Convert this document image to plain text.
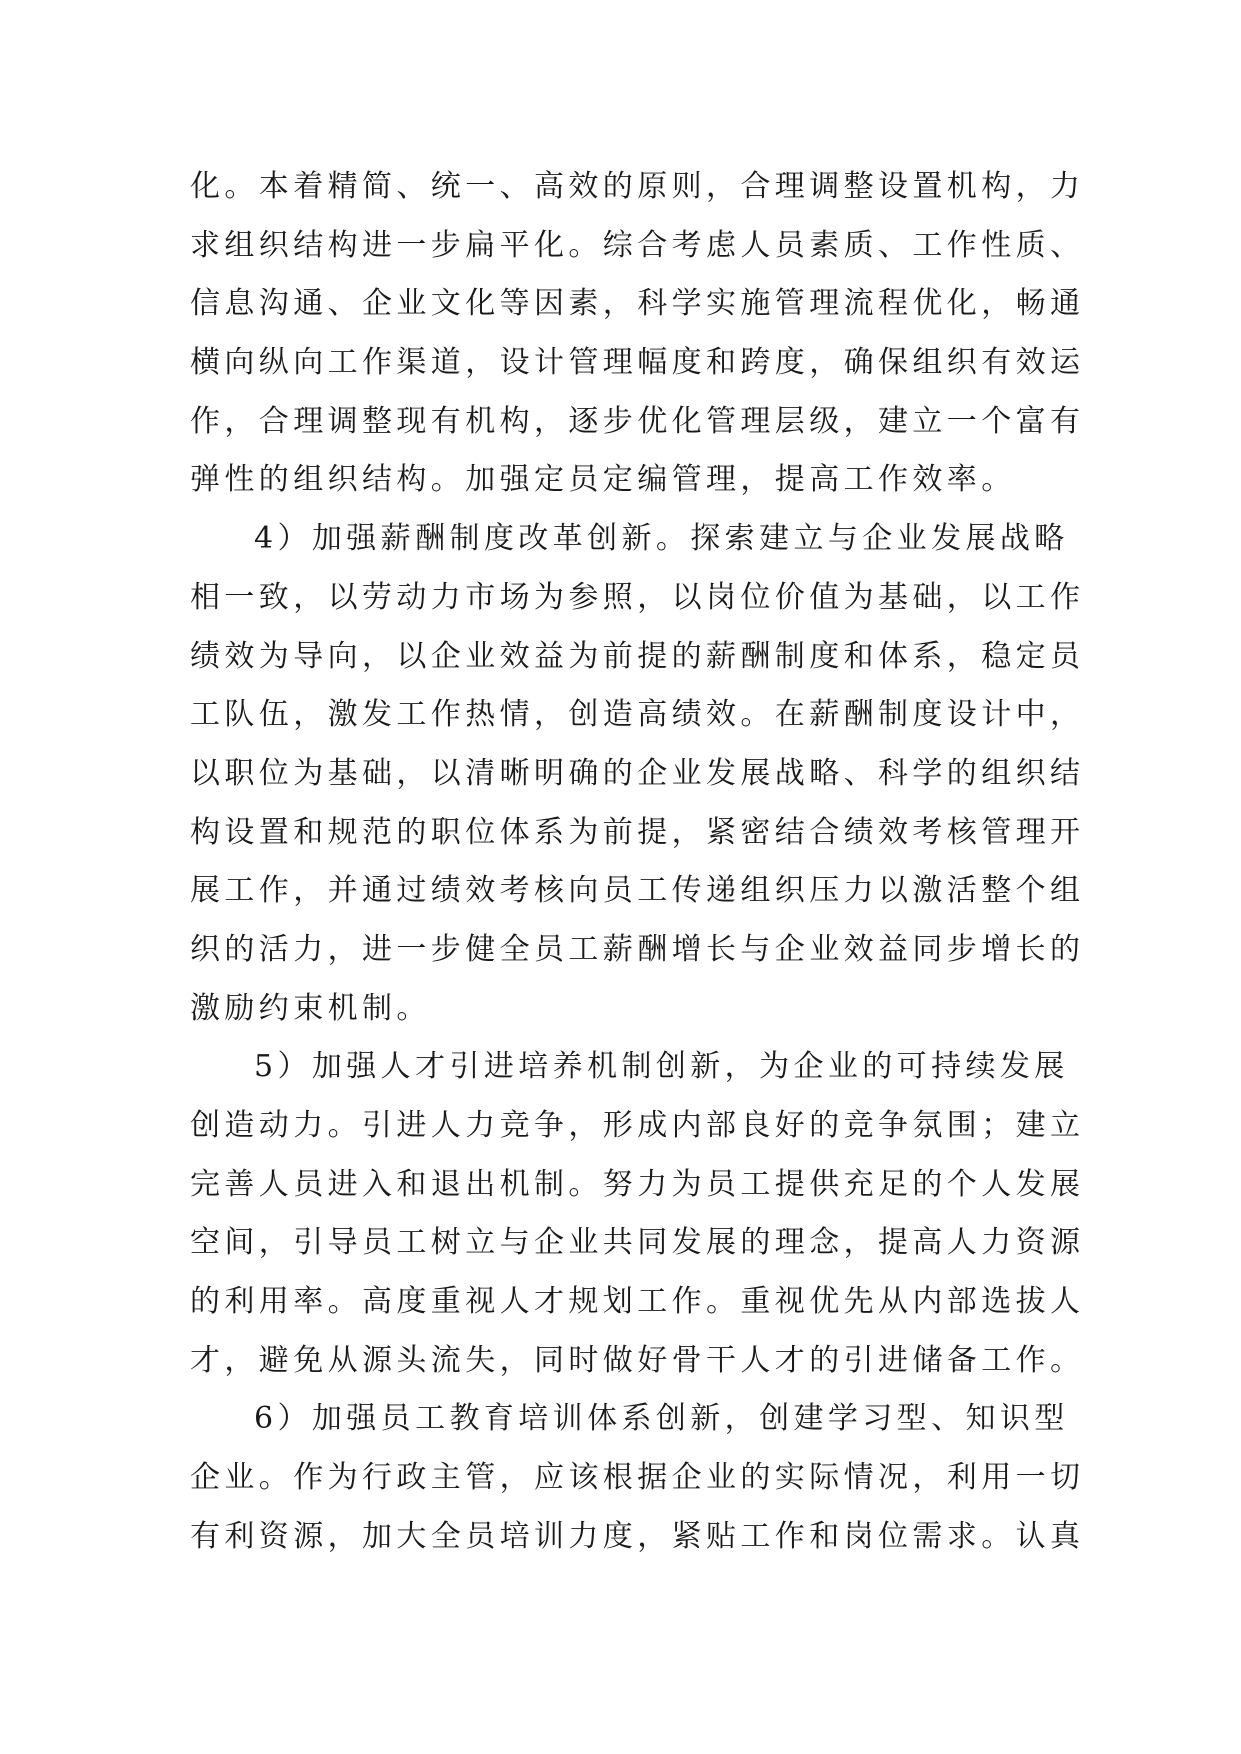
化。本着精简、统一、高效的原则，合理调整设置机构，力
求组织结构进一步扁平化。综合考虑人员素质、工作性质、
信息沟通、企业文化等因素，科学实施管理流程优化，畅通
横向纵向工作渠道，设计管理幅度和跨度，确保组织有效运
作，合理调整现有机构，逐步优化管理层级，建立一个富有
弹性的组织结构。加强定员定编管理，提高工作效率。
4）加强薪酬制度改革创新。探索建立与企业发展战略
相一致，以劳动力市场为参照，以岗位价值为基础，以工作
绩效为导向，以企业效益为前提的薪酬制度和体系，稳定员
工队伍，激发工作热情，创造高绩效。在薪酬制度设计中，
以职位为基础，以清晰明确的企业发展战略、科学的组织结
构设置和规范的职位体系为前提，紧密结合绩效考核管理开
展工作，并通过绩效考核向员工传递组织压力以激活整个组
织的活力，进一步健全员工薪酬增长与企业效益同步增长的
激励约束机制。
5）加强人才引进培养机制创新，为企业的可持续发展
创造动力。引进人力竞争，形成内部良好的竞争氛围；建立
完善人员进入和退出机制。努力为员工提供充足的个人发展
空间，引导员工树立与企业共同发展的理念，提高人力资源
的利用率。高度重视人才规划工作。重视优先从内部选拔人
才，避免从源头流失，同时做好骨干人才的引进储备工作。
6）加强员工教育培训体系创新，创建学习型、知识型
企业。作为行政主管，应该根据企业的实际情况，利用一切
有利资源，加大全员培训力度，紧贴工作和岗位需求。认真
